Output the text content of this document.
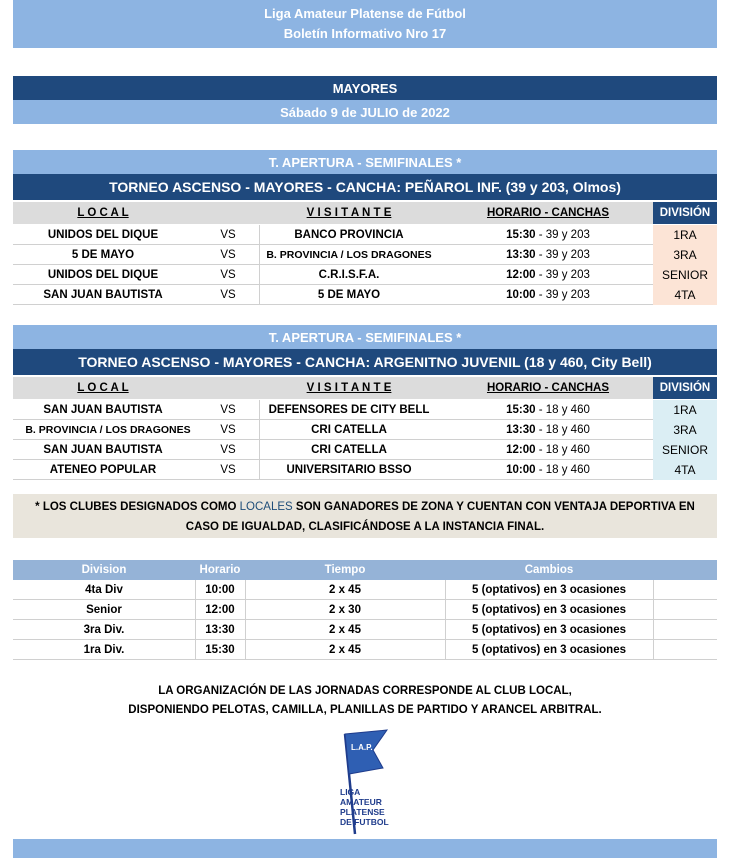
Liga Amateur Platense de Fútbol
Boletín Informativo Nro 17
MAYORES
Sábado 9 de JULIO de 2022
T. APERTURA - SEMIFINALES *
TORNEO ASCENSO - MAYORES - CANCHA: PEÑAROL INF. (39 y 203, Olmos)
L O C A L	V I S I T A N T E	HORARIO - CANCHAS	DIVISIÓN
UNIDOS DEL DIQUE	VS	BANCO PROVINCIA	15:30 - 39 y 203	1RA
5 DE MAYO	VS	B. PROVINCIA / LOS DRAGONES	13:30 - 39 y 203	3RA
UNIDOS DEL DIQUE	VS	C.R.I.S.F.A.	12:00 - 39 y 203	SENIOR
SAN JUAN BAUTISTA	VS	5 DE MAYO	10:00 - 39 y 203	4TA
T. APERTURA - SEMIFINALES *
TORNEO ASCENSO - MAYORES - CANCHA: ARGENITNO JUVENIL (18 y 460, City Bell)
L O C A L	V I S I T A N T E	HORARIO - CANCHAS	DIVISIÓN
SAN JUAN BAUTISTA	VS	DEFENSORES DE CITY BELL	15:30 - 18 y 460	1RA
B. PROVINCIA / LOS DRAGONES	VS	CRI CATELLA	13:30 - 18 y 460	3RA
SAN JUAN BAUTISTA	VS	CRI CATELLA	12:00 - 18 y 460	SENIOR
ATENEO POPULAR	VS	UNIVERSITARIO BSSO	10:00 - 18 y 460	4TA
* LOS CLUBES DESIGNADOS COMO LOCALES SON GANADORES DE ZONA Y CUENTAN CON VENTAJA DEPORTIVA EN
CASO DE IGUALDAD, CLASIFICÁNDOSE A LA INSTANCIA FINAL.
Division	Horario	Tiempo	Cambios
4ta Div	10:00	2 x 45	5 (optativos) en 3 ocasiones
Senior	12:00	2 x 30	5 (optativos) en 3 ocasiones
3ra Div.	13:30	2 x 45	5 (optativos) en 3 ocasiones
1ra Div.	15:30	2 x 45	5 (optativos) en 3 ocasiones
LA ORGANIZACIÓN DE LAS JORNADAS CORRESPONDE AL CLUB LOCAL,
DISPONIENDO PELOTAS, CAMILLA, PLANILLAS DE PARTIDO Y ARANCEL ARBITRAL.
L.A.P.
LIGA
AMATEUR
PLATENSE
DE FUTBOL
